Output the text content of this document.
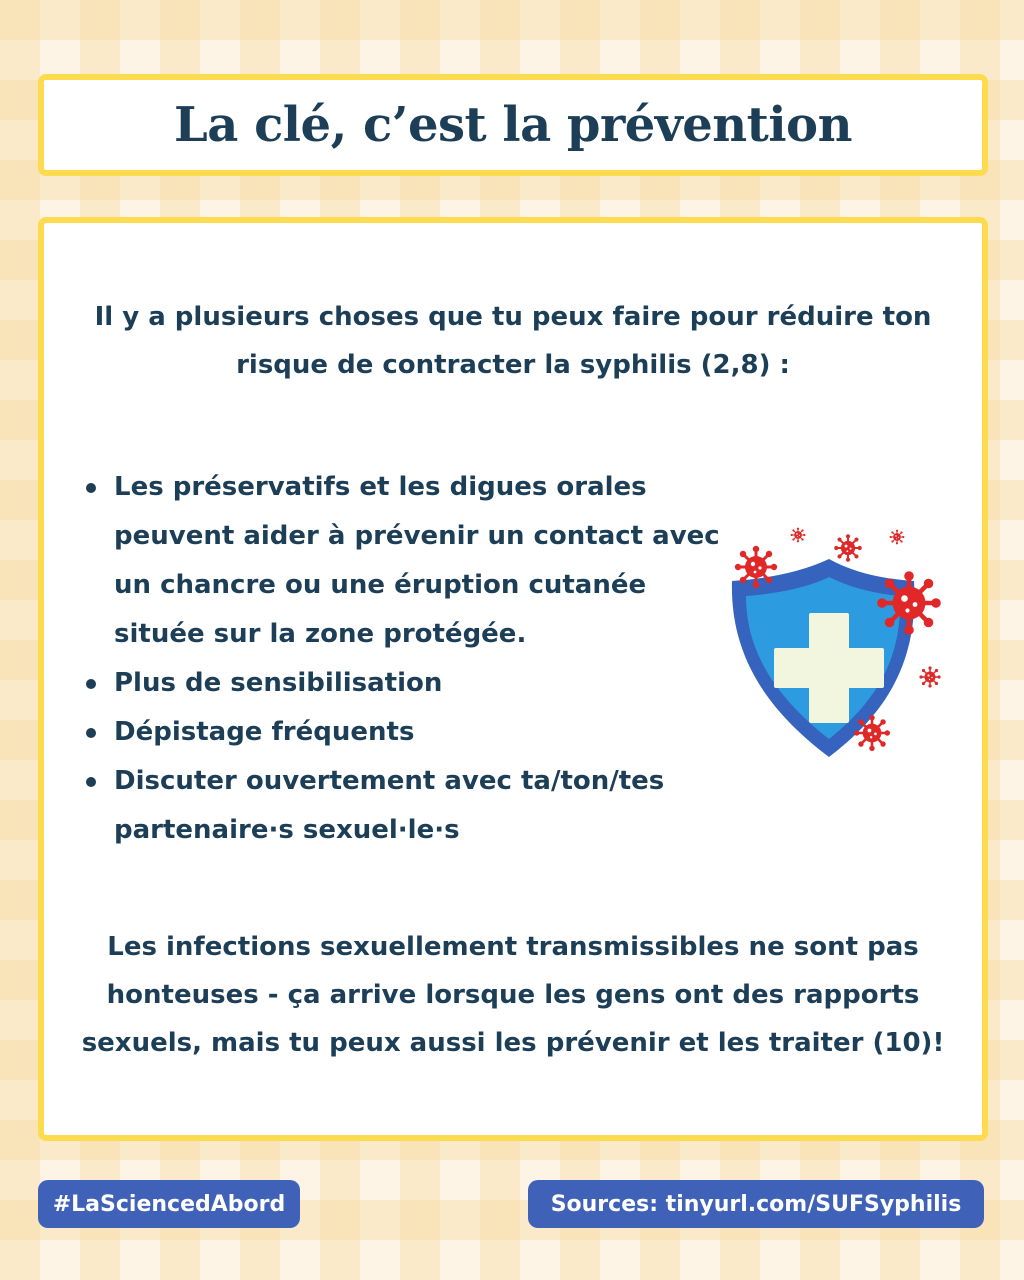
La clé, c’est la prévention

Il y a plusieurs choses que tu peux faire pour réduire ton risque de contracter la syphilis (2,8) :

Les préservatifs et les digues orales peuvent aider à prévenir un contact avec un chancre ou une éruption cutanée située sur la zone protégée.
Plus de sensibilisation
Dépistage fréquents
Discuter ouvertement avec ta/ton/tes partenaire·s sexuel·le·s

Les infections sexuellement transmissibles ne sont pas honteuses - ça arrive lorsque les gens ont des rapports sexuels, mais tu peux aussi les prévenir et les traiter (10)!

#LaSciencedAbord	Sources: tinyurl.com/SUFSyphilis
